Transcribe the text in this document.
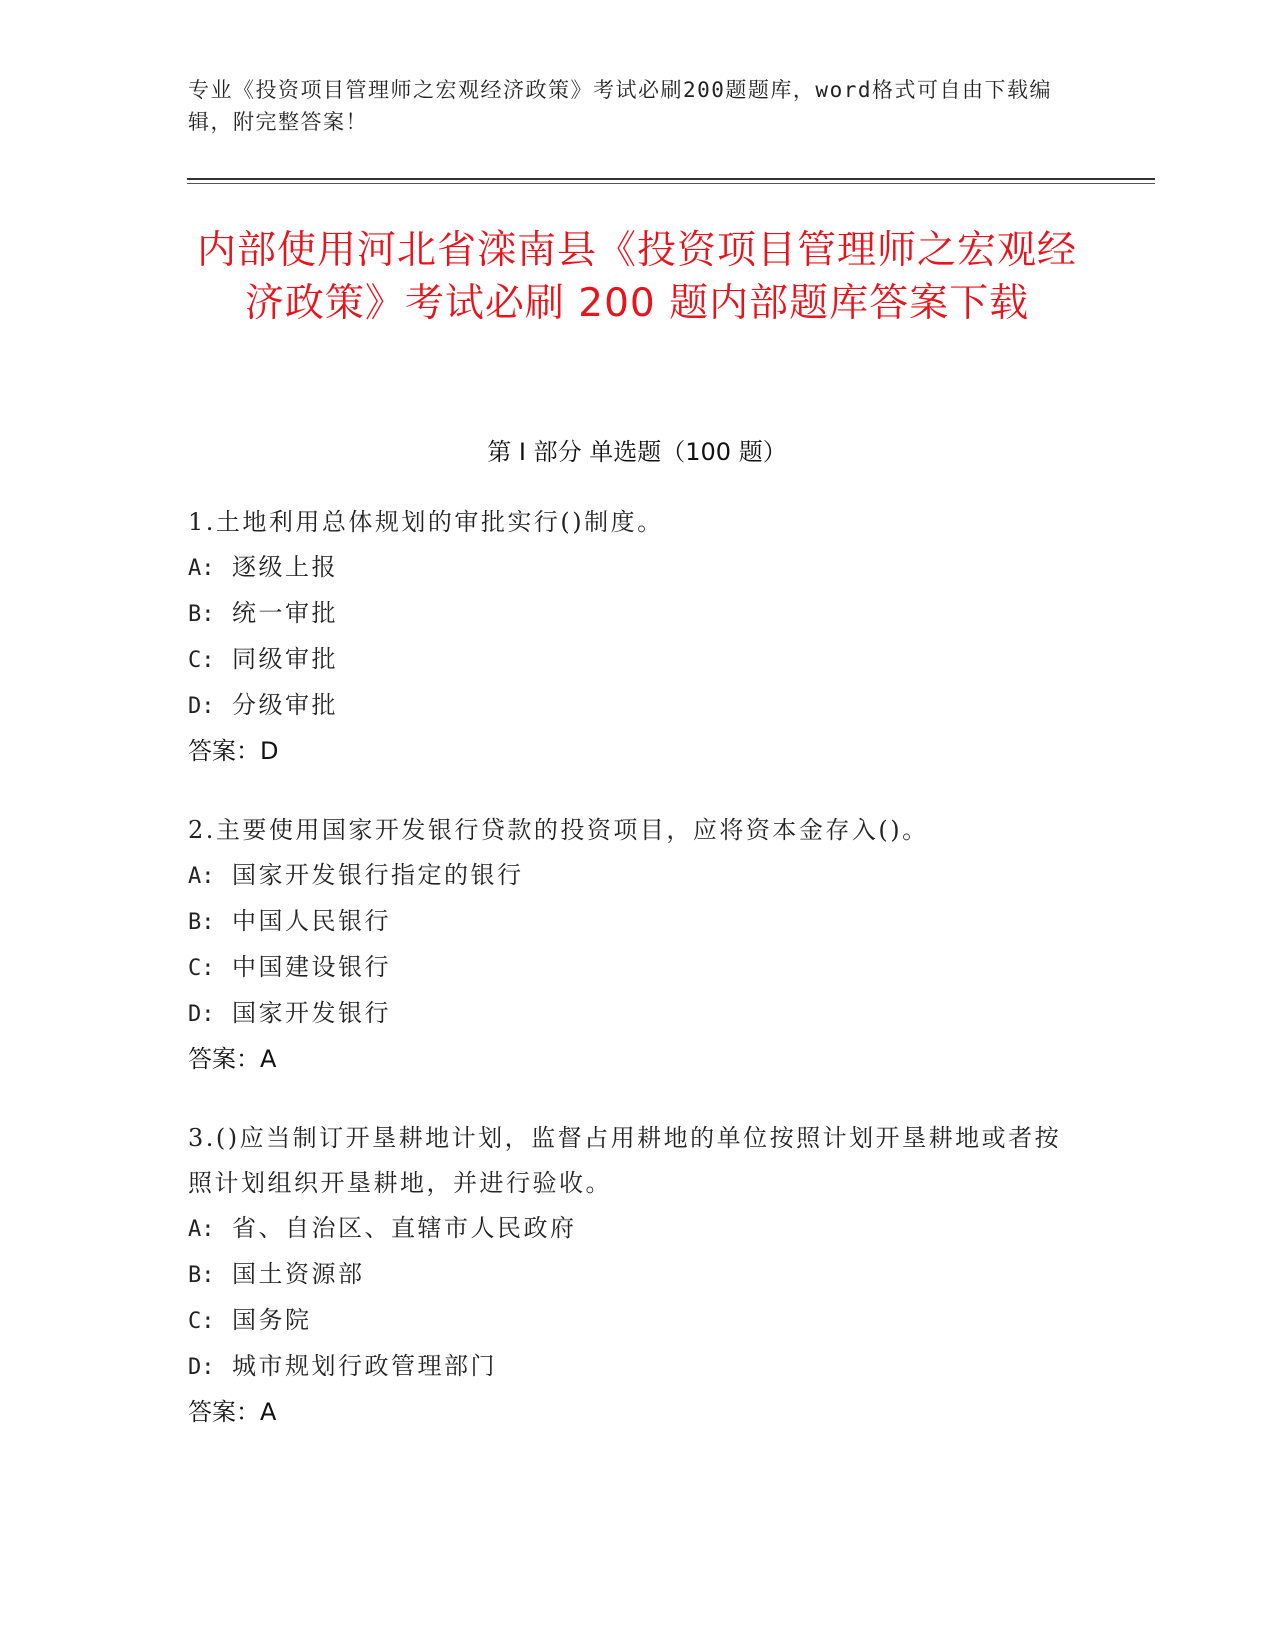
专业《投资项目管理师之宏观经济政策》考试必刷200题题库，word格式可自由下载编辑，附完整答案！
内部使用河北省滦南县《投资项目管理师之宏观经济政策》考试必刷 200 题内部题库答案下载
第 I 部分 单选题（100 题）

1.土地利用总体规划的审批实行()制度。

A: 逐级上报

B: 统一审批

C: 同级审批

D: 分级审批

答案：D

2.主要使用国家开发银行贷款的投资项目，应将资本金存入()。

A: 国家开发银行指定的银行

B: 中国人民银行

C: 中国建设银行

D: 国家开发银行

答案：A

3.()应当制订开垦耕地计划，监督占用耕地的单位按照计划开垦耕地或者按照计划组织开垦耕地，并进行验收。

A: 省、自治区、直辖市人民政府

B: 国土资源部

C: 国务院

D: 城市规划行政管理部门

答案：A
